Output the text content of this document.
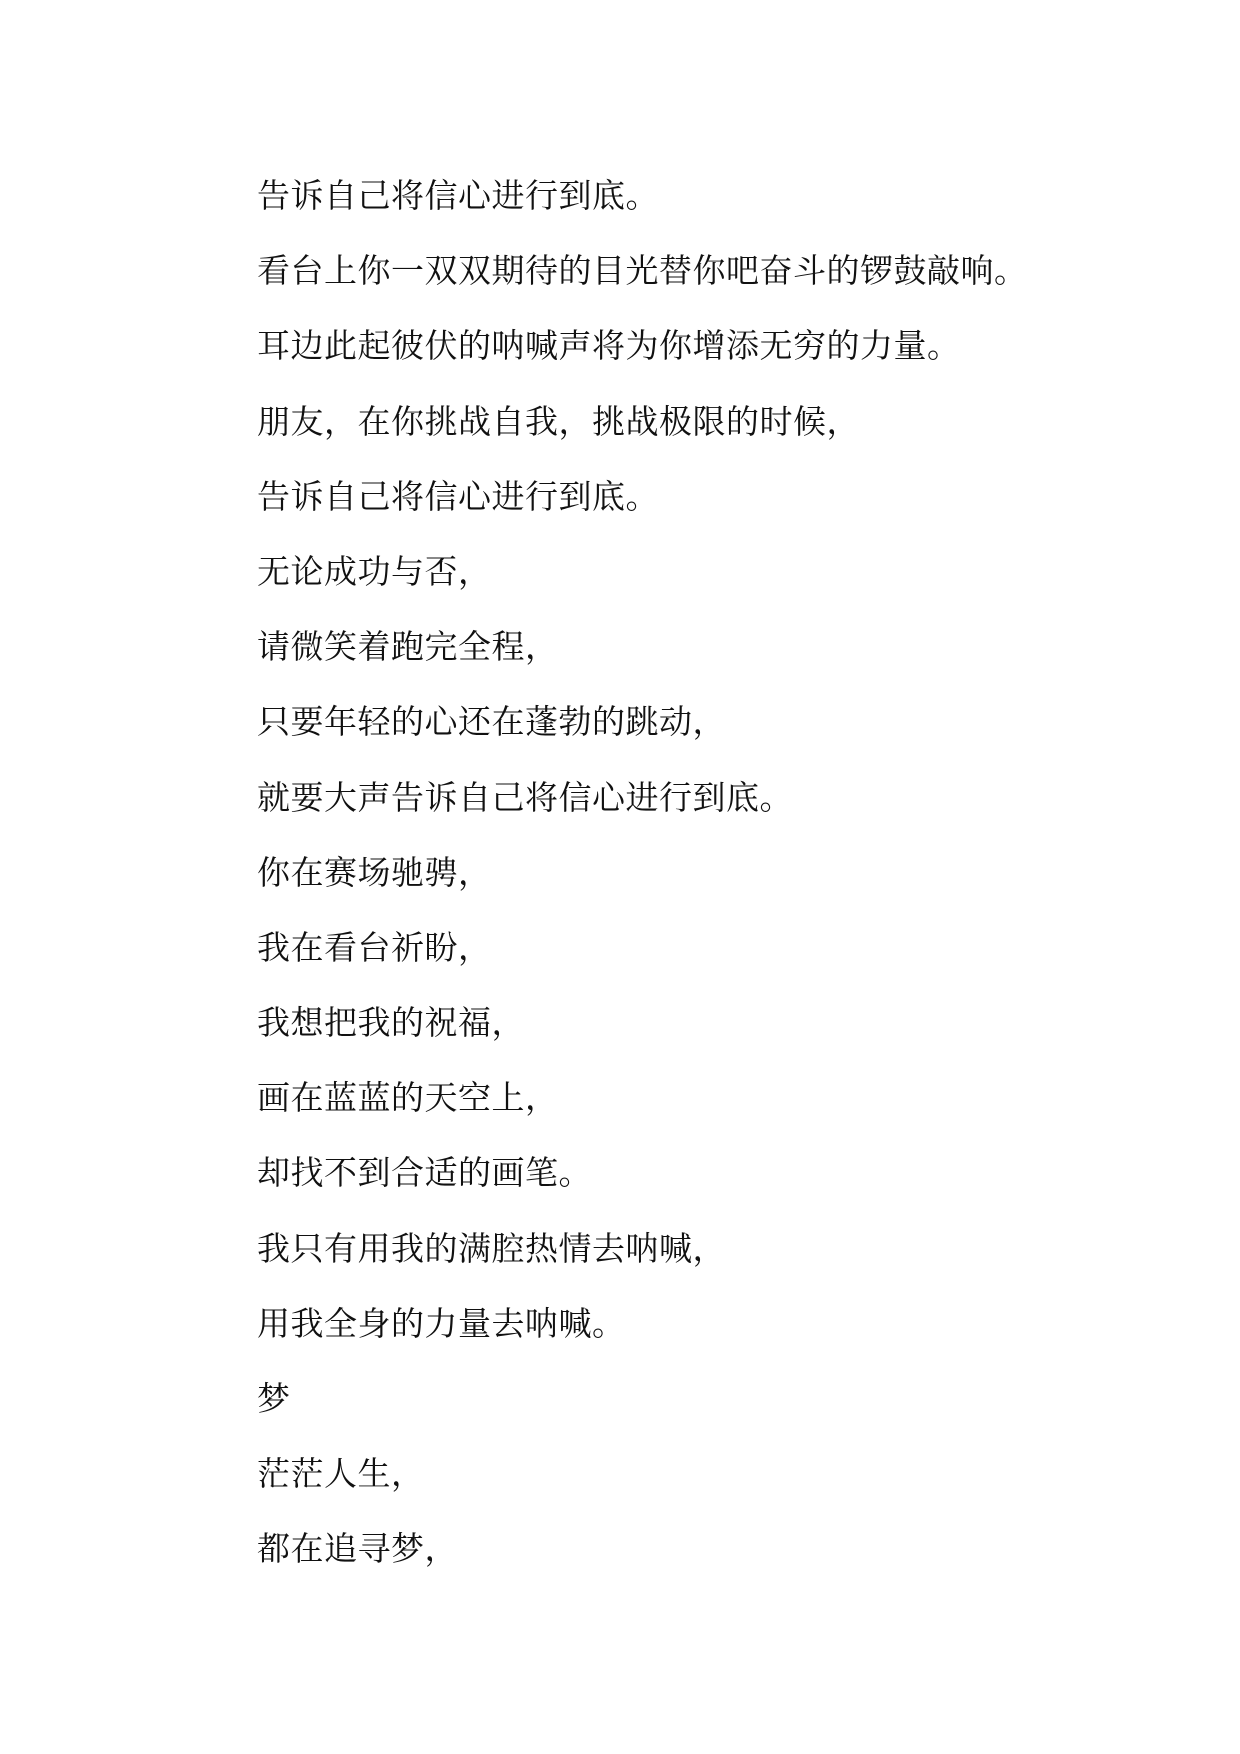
告诉自己将信心进行到底。
看台上你一双双期待的目光替你吧奋斗的锣鼓敲响。
耳边此起彼伏的呐喊声将为你增添无穷的力量。
朋友，在你挑战自我，挑战极限的时候，
告诉自己将信心进行到底。
无论成功与否，
请微笑着跑完全程，
只要年轻的心还在蓬勃的跳动，
就要大声告诉自己将信心进行到底。
你在赛场驰骋，
我在看台祈盼，
我想把我的祝福，
画在蓝蓝的天空上，
却找不到合适的画笔。
我只有用我的满腔热情去呐喊，
用我全身的力量去呐喊。
梦
茫茫人生，
都在追寻梦，
